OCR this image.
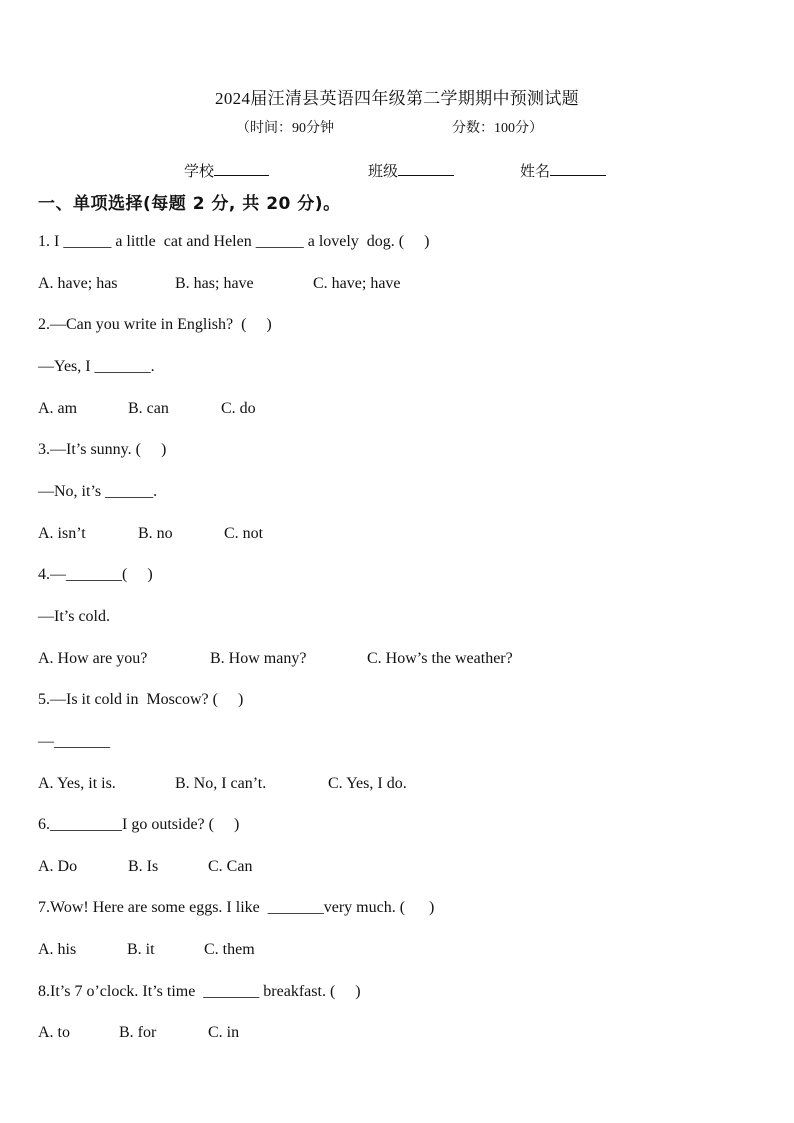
2024届汪清县英语四年级第二学期期中预测试题
（时间：90分钟	分数：100分）
学校	班级	姓名
一、单项选择(每题 2 分, 共 20 分)。
1. I ______ a little  cat and Helen ______ a lovely  dog. (     )
A. have; has	B. has; have	C. have; have
2.—Can you write in English?  (     )
—Yes, I _______.
A. am	B. can	C. do
3.—It’s sunny. (     )
—No, it’s ______.
A. isn’t	B. no	C. not
4.—_______(     )
—It’s cold.
A. How are you?	B. How many?	C. How’s the weather?
5.—Is it cold in  Moscow? (     )
—_______
A. Yes, it is.	B. No, I can’t.	C. Yes, I do.
6._________I go outside? (     )
A. Do	B. Is	C. Can
7.Wow! Here are some eggs. I like  _______very much. (      )
A. his	B. it	C. them
8.It’s 7 o’clock. It’s time  _______ breakfast. (     )
A. to	B. for	C. in
